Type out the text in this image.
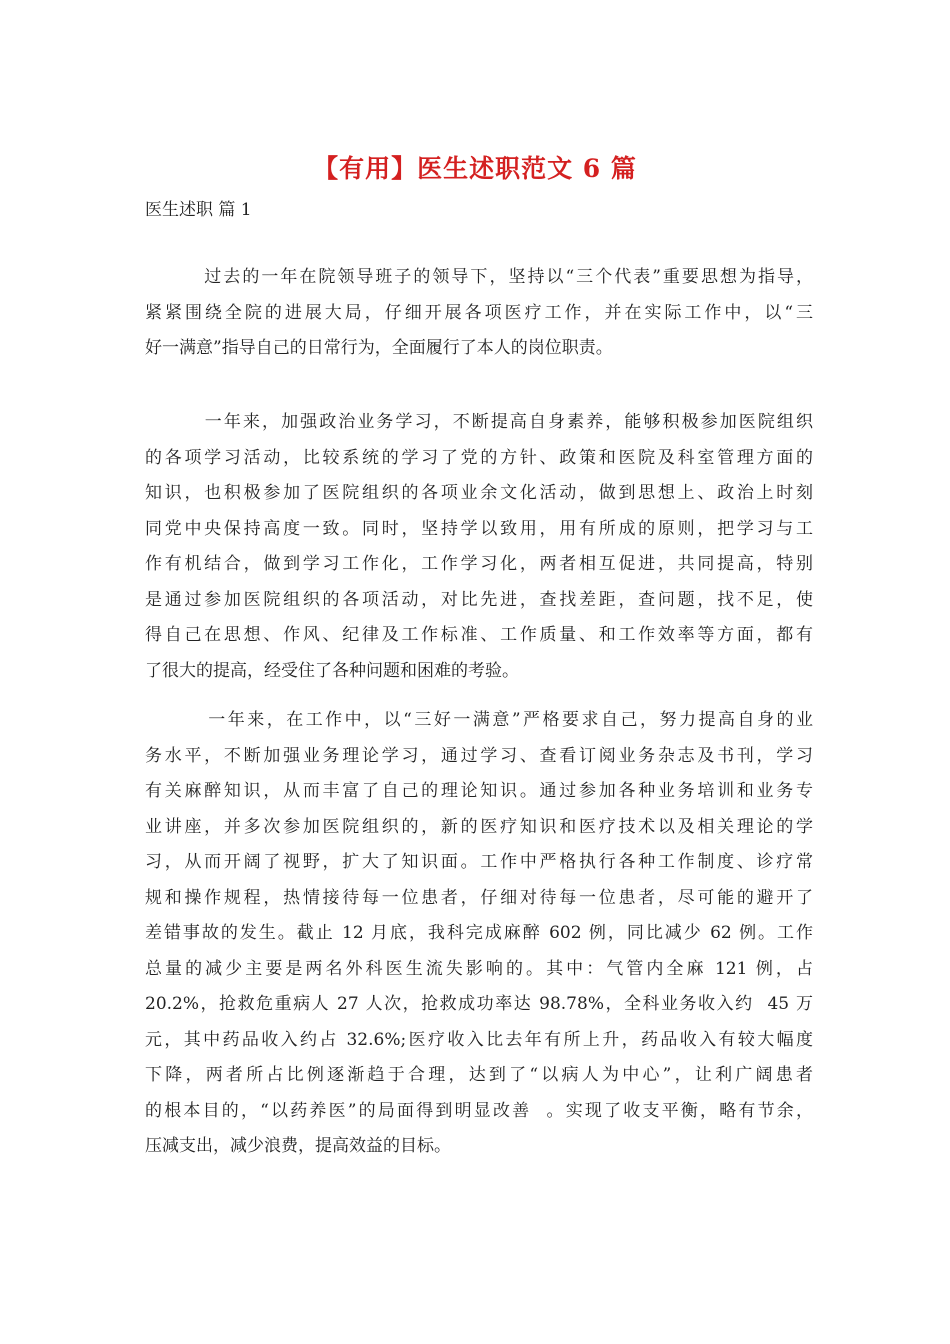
【有用】医生述职范文 6 篇
医生述职 篇 1
过去的一年在院领导班子的领导下，坚持以“三个代表”重要思想为指导，
紧紧围绕全院的进展大局，仔细开展各项医疗工作，并在实际工作中，以“三
好一满意”指导自己的日常行为，全面履行了本人的岗位职责。
一年来，加强政治业务学习，不断提高自身素养，能够积极参加医院组织
的各项学习活动，比较系统的学习了党的方针、政策和医院及科室管理方面的
知识，也积极参加了医院组织的各项业余文化活动，做到思想上、政治上时刻
同党中央保持高度一致。同时，坚持学以致用，用有所成的原则，把学习与工
作有机结合，做到学习工作化，工作学习化，两者相互促进，共同提高，特别
是通过参加医院组织的各项活动，对比先进，查找差距，查问题，找不足，使
得自己在思想、作风、纪律及工作标准、工作质量、和工作效率等方面，都有
了很大的提高，经受住了各种问题和困难的考验。
一年来，在工作中，以“三好一满意”严格要求自己，努力提高自身的业
务水平，不断加强业务理论学习，通过学习、查看订阅业务杂志及书刊，学习
有关麻醉知识，从而丰富了自己的理论知识。通过参加各种业务培训和业务专
业讲座，并多次参加医院组织的，新的医疗知识和医疗技术以及相关理论的学
习，从而开阔了视野，扩大了知识面。工作中严格执行各种工作制度、诊疗常
规和操作规程，热情接待每一位患者，仔细对待每一位患者，尽可能的避开了
差错事故的发生。截止 12 月底，我科完成麻醉 602 例，同比减少 62 例。工作
总量的减少主要是两名外科医生流失影响的。其中：气管内全麻 121 例，占
20.2%，抢救危重病人 27 人次，抢救成功率达 98.78%，全科业务收入约  45 万
元，其中药品收入约占 32.6%;医疗收入比去年有所上升，药品收入有较大幅度
下降，两者所占比例逐渐趋于合理，达到了“以病人为中心”，让利广阔患者
的根本目的，“以药养医”的局面得到明显改善  。实现了收支平衡，略有节余，
压减支出，减少浪费，提高效益的目标。
